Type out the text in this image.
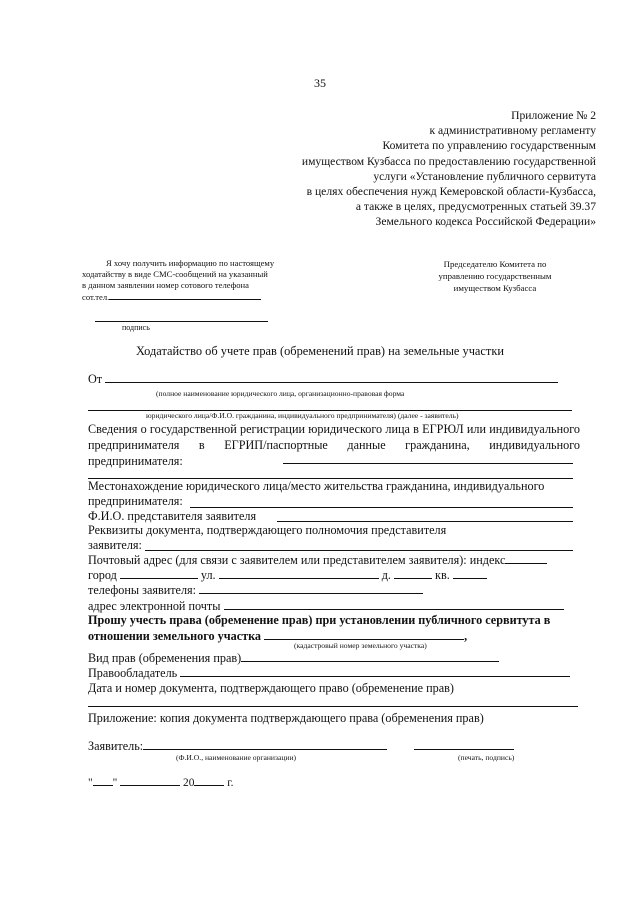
35
Приложение № 2
к административному регламенту
Комитета по управлению государственным
имуществом Кузбасса по предоставлению государственной
услуги «Установление публичного сервитута
в целях обеспечения нужд Кемеровской области-Кузбасса,
а также в целях, предусмотренных статьей 39.37
Земельного кодекса Российской Федерации»
Я хочу получить информацию по настоящему
ходатайству в виде СМС-сообщений на указанный
в данном заявлении номер сотового телефона
сот.тел.
Председателю Комитета по
управлению государственным
имуществом Кузбасса
подпись
Ходатайство об учете прав (обременений прав) на земельные участки
От
(полное наименование юридического лица, организационно-правовая форма
юридического лица/Ф.И.О. гражданина, индивидуального предпринимателя) (далее - заявитель)
Сведения о государственной регистрации юридического лица в ЕГРЮЛ или индивидуального предпринимателя в ЕГРИП/паспортные данные гражданина, индивидуального предпринимателя:
Местонахождение юридического лица/место жительства гражданина, индивидуального
предпринимателя:
Ф.И.О. представителя заявителя
Реквизиты документа, подтверждающего полномочия представителя
заявителя:
Почтовый адрес (для связи с заявителем или представителем заявителя): индекс
город	ул.	д.	кв.
телефоны заявителя:
адрес электронной почты
Прошу учесть права (обременение прав) при установлении публичного сервитута в
отношении земельного участка	,
(кадастровый номер земельного участка)
Вид прав (обременения прав)
Правообладатель
Дата и номер документа, подтверждающего право (обременение прав)
Приложение: копия документа подтверждающего права (обременения прав)
Заявитель:
(Ф.И.О., наименование организации)	(печать, подпись)
" "	20	г.
